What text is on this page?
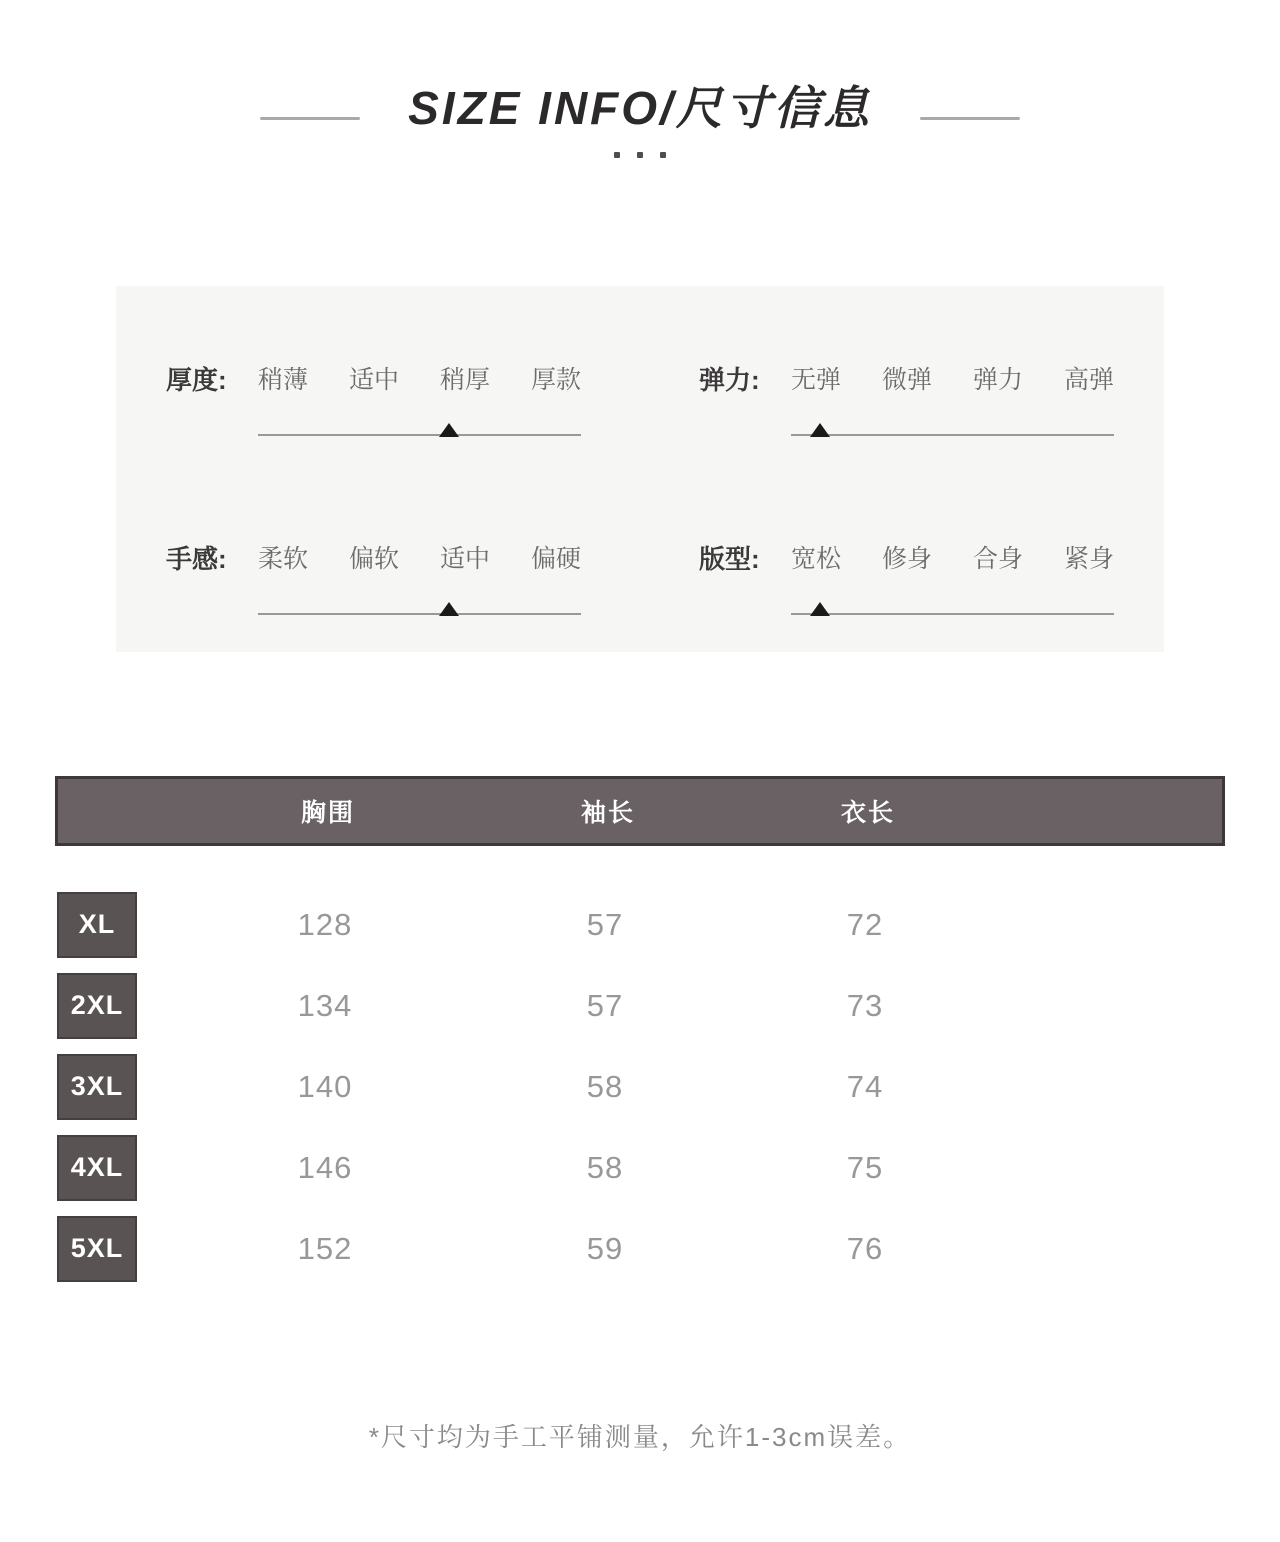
SIZE INFO/尺寸信息
厚度:	稍薄 适中 稍厚 厚款	弹力:	无弹 微弹 弹力 高弹
手感:	柔软 偏软 适中 偏硬	版型:	宽松 修身 合身 紧身
胸围	袖长	衣长
XL	128	57	72
2XL	134	57	73
3XL	140	58	74
4XL	146	58	75
5XL	152	59	76
*尺寸均为手工平铺测量，允许1-3cm误差。
